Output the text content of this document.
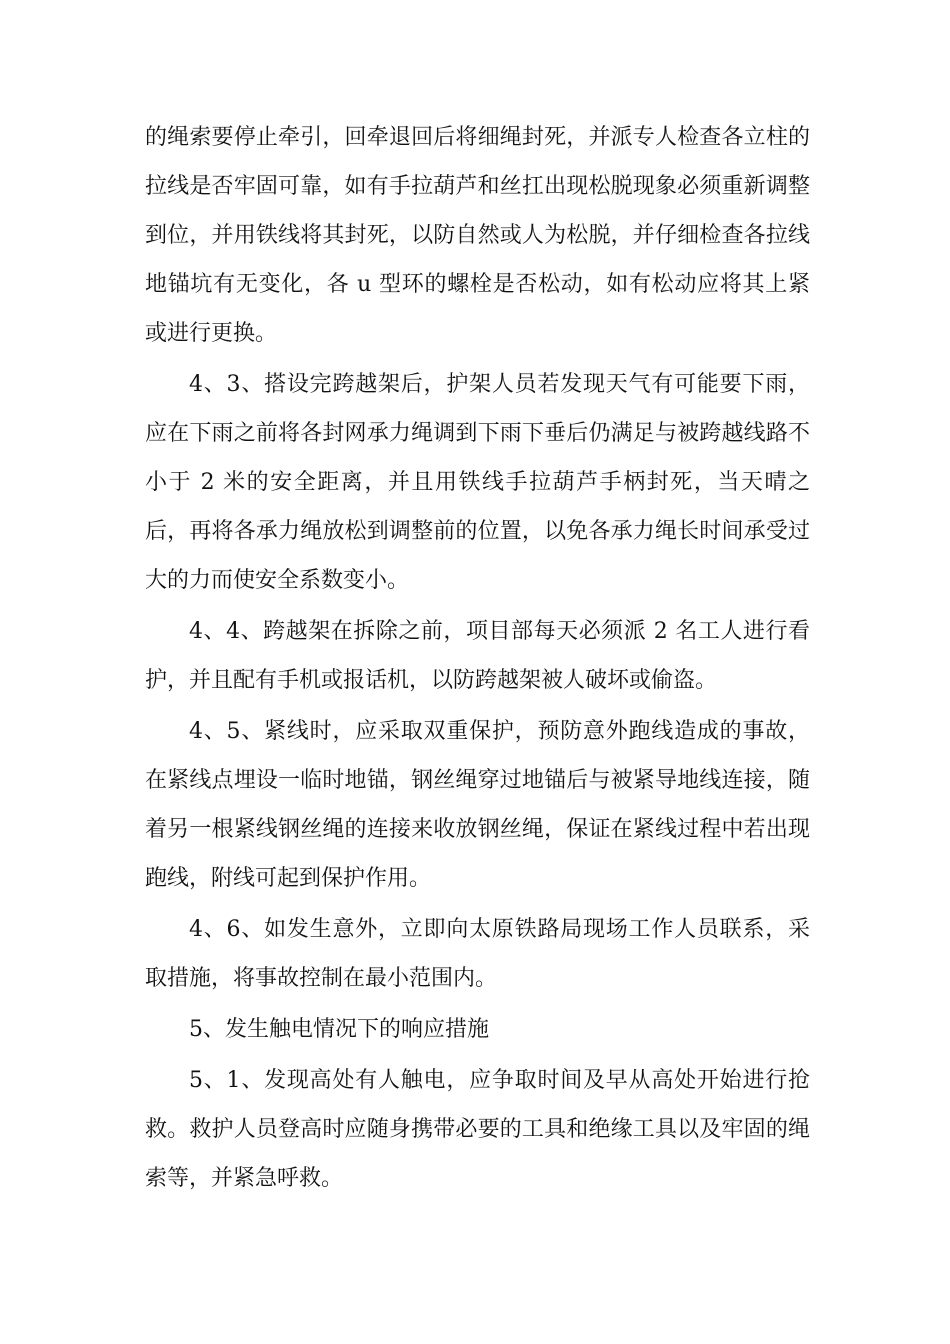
的绳索要停止牵引，回牵退回后将细绳封死，并派专人检查各立柱的拉线是否牢固可靠，如有手拉葫芦和丝扛出现松脱现象必须重新调整到位，并用铁线将其封死，以防自然或人为松脱，并仔细检查各拉线地锚坑有无变化，各 u 型环的螺栓是否松动，如有松动应将其上紧或进行更换。

4、3、搭设完跨越架后，护架人员若发现天气有可能要下雨，应在下雨之前将各封网承力绳调到下雨下垂后仍满足与被跨越线路不小于 2 米的安全距离，并且用铁线手拉葫芦手柄封死，当天晴之后，再将各承力绳放松到调整前的位置，以免各承力绳长时间承受过大的力而使安全系数变小。

4、4、跨越架在拆除之前，项目部每天必须派 2 名工人进行看护，并且配有手机或报话机，以防跨越架被人破坏或偷盗。

4、5、紧线时，应采取双重保护，预防意外跑线造成的事故，在紧线点埋设一临时地锚，钢丝绳穿过地锚后与被紧导地线连接，随着另一根紧线钢丝绳的连接来收放钢丝绳，保证在紧线过程中若出现跑线，附线可起到保护作用。

4、6、如发生意外，立即向太原铁路局现场工作人员联系，采取措施，将事故控制在最小范围内。

5、发生触电情况下的响应措施

5、1、发现高处有人触电，应争取时间及早从高处开始进行抢救。救护人员登高时应随身携带必要的工具和绝缘工具以及牢固的绳索等，并紧急呼救。
